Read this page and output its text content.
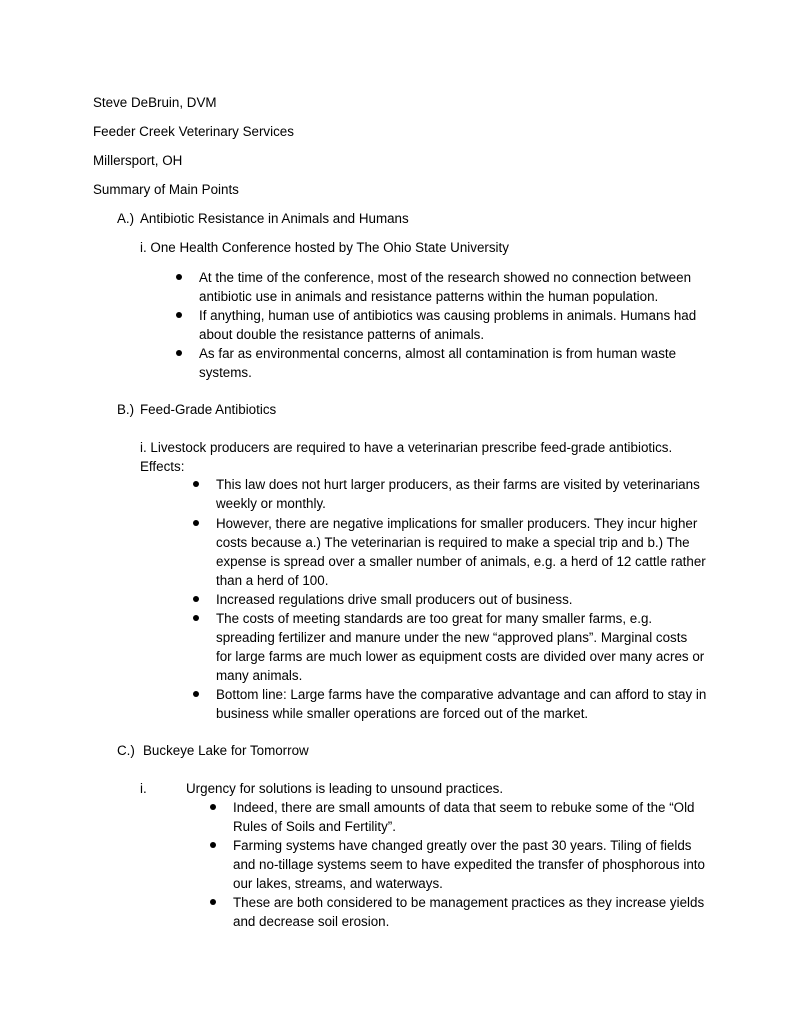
Steve DeBruin, DVM
Feeder Creek Veterinary Services
Millersport, OH
Summary of Main Points
A.) Antibiotic Resistance in Animals and Humans
i. One Health Conference hosted by The Ohio State University
At the time of the conference, most of the research showed no connection between
antibiotic use in animals and resistance patterns within the human population.
If anything, human use of antibiotics was causing problems in animals. Humans had
about double the resistance patterns of animals.
As far as environmental concerns, almost all contamination is from human waste
systems.
B.) Feed-Grade Antibiotics
i. Livestock producers are required to have a veterinarian prescribe feed-grade antibiotics.
Effects:
This law does not hurt larger producers, as their farms are visited by veterinarians
weekly or monthly.
However, there are negative implications for smaller producers. They incur higher
costs because a.) The veterinarian is required to make a special trip and b.) The
expense is spread over a smaller number of animals, e.g. a herd of 12 cattle rather
than a herd of 100.
Increased regulations drive small producers out of business.
The costs of meeting standards are too great for many smaller farms, e.g.
spreading fertilizer and manure under the new “approved plans”. Marginal costs
for large farms are much lower as equipment costs are divided over many acres or
many animals.
Bottom line: Large farms have the comparative advantage and can afford to stay in
business while smaller operations are forced out of the market.
C.) Buckeye Lake for Tomorrow
i.	Urgency for solutions is leading to unsound practices.
Indeed, there are small amounts of data that seem to rebuke some of the “Old
Rules of Soils and Fertility”.
Farming systems have changed greatly over the past 30 years. Tiling of fields
and no-tillage systems seem to have expedited the transfer of phosphorous into
our lakes, streams, and waterways.
These are both considered to be management practices as they increase yields
and decrease soil erosion.
